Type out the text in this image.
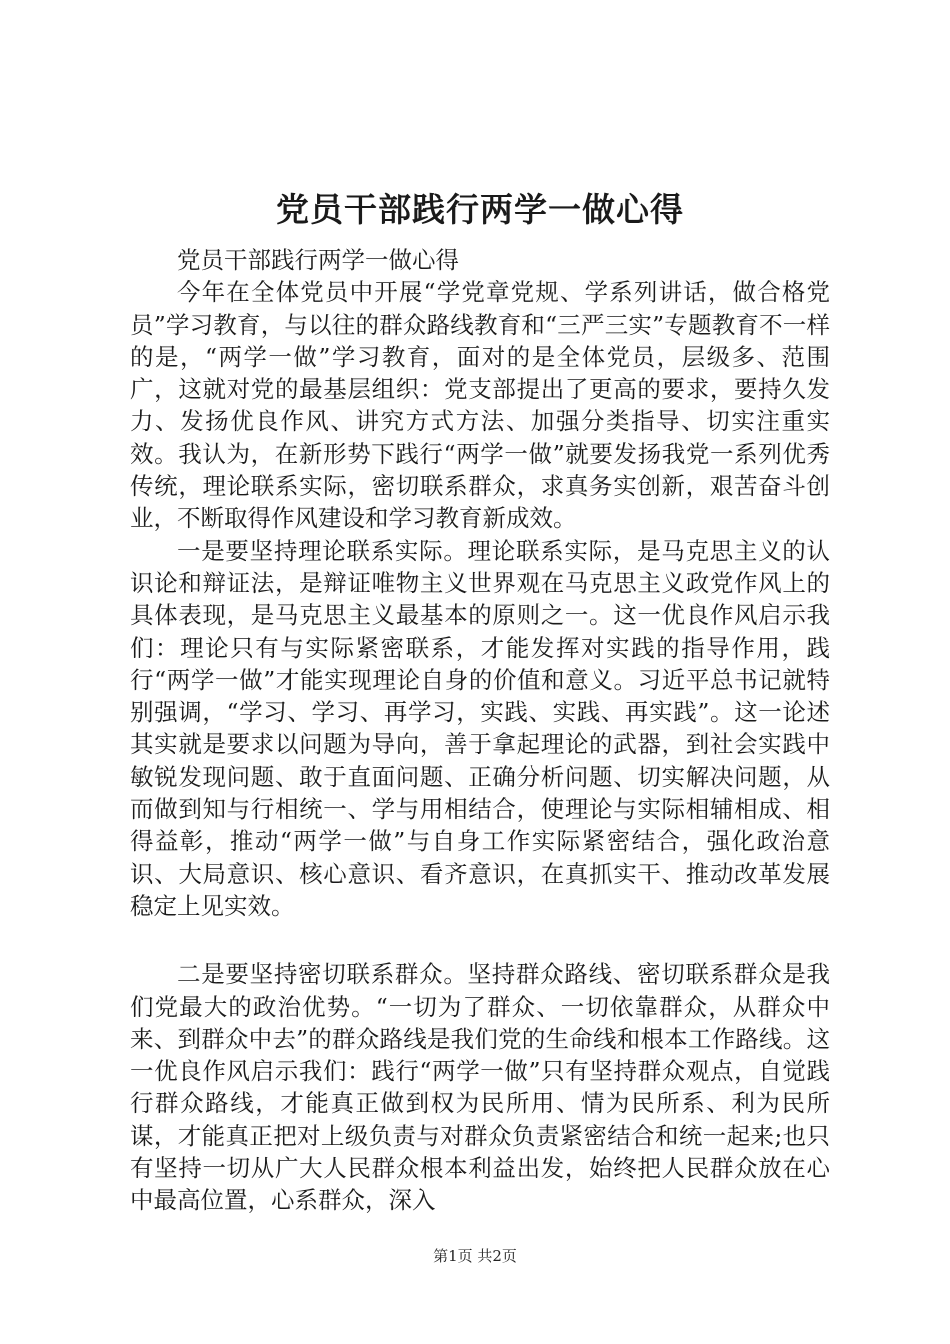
党员干部践行两学一做心得

党员干部践行两学一做心得

今年在全体党员中开展“学党章党规、学系列讲话，做合格党员”学习教育，与以往的群众路线教育和“三严三实”专题教育不一样的是，“两学一做”学习教育，面对的是全体党员，层级多、范围广，这就对党的最基层组织：党支部提出了更高的要求，要持久发力、发扬优良作风、讲究方式方法、加强分类指导、切实注重实效。我认为，在新形势下践行“两学一做”就要发扬我党一系列优秀传统，理论联系实际，密切联系群众，求真务实创新，艰苦奋斗创业，不断取得作风建设和学习教育新成效。

一是要坚持理论联系实际。理论联系实际，是马克思主义的认识论和辩证法，是辩证唯物主义世界观在马克思主义政党作风上的具体表现，是马克思主义最基本的原则之一。这一优良作风启示我们：理论只有与实际紧密联系，才能发挥对实践的指导作用，践行“两学一做”才能实现理论自身的价值和意义。习近平总书记就特别强调，“学习、学习、再学习，实践、实践、再实践”。这一论述其实就是要求以问题为导向，善于拿起理论的武器，到社会实践中敏锐发现问题、敢于直面问题、正确分析问题、切实解决问题，从而做到知与行相统一、学与用相结合，使理论与实际相辅相成、相得益彰，推动“两学一做”与自身工作实际紧密结合，强化政治意识、大局意识、核心意识、看齐意识，在真抓实干、推动改革发展稳定上见实效。

二是要坚持密切联系群众。坚持群众路线、密切联系群众是我们党最大的政治优势。“一切为了群众、一切依靠群众，从群众中来、到群众中去”的群众路线是我们党的生命线和根本工作路线。这一优良作风启示我们：践行“两学一做”只有坚持群众观点，自觉践行群众路线，才能真正做到权为民所用、情为民所系、利为民所谋，才能真正把对上级负责与对群众负责紧密结合和统一起来;也只有坚持一切从广大人民群众根本利益出发，始终把人民群众放在心中最高位置，心系群众，深入

第1页 共2页
